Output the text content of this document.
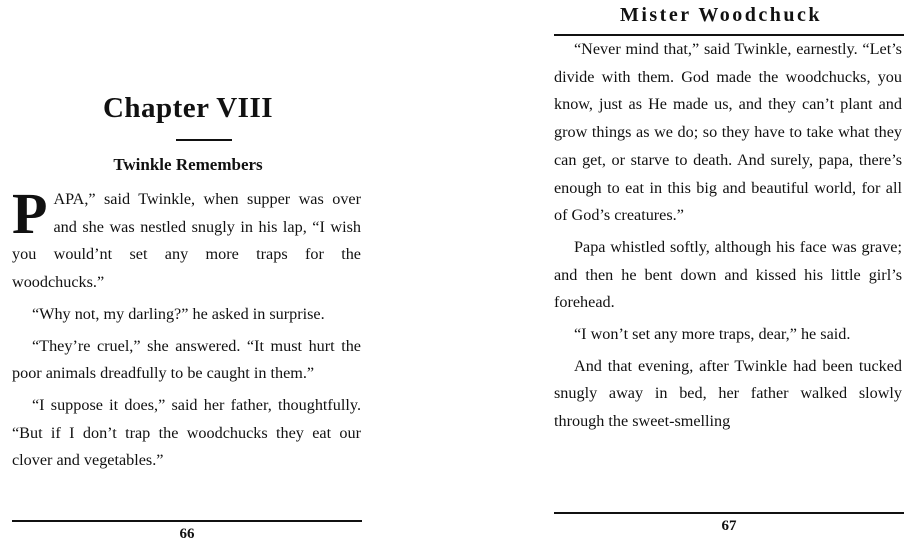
Chapter VIII
Twinkle Remembers

PAPA,” said Twinkle, when supper was over and she was nestled snugly in his lap, “I wish you would’nt set any more traps for the woodchucks.”

“Why not, my darling?” he asked in surprise.

“They’re cruel,” she answered. “It must hurt the poor animals dreadfully to be caught in them.”

“I suppose it does,” said her father, thoughtfully. “But if I don’t trap the woodchucks they eat our clover and vegetables.”

66
Mister Woodchuck

“Never mind that,” said Twinkle, earnestly. “Let’s divide with them. God made the woodchucks, you know, just as He made us, and they can’t plant and grow things as we do; so they have to take what they can get, or starve to death. And surely, papa, there’s enough to eat in this big and beautiful world, for all of God’s creatures.”

Papa whistled softly, although his face was grave; and then he bent down and kissed his little girl’s forehead.

“I won’t set any more traps, dear,” he said.

And that evening, after Twinkle had been tucked snugly away in bed, her father walked slowly through the sweet-smelling

67
